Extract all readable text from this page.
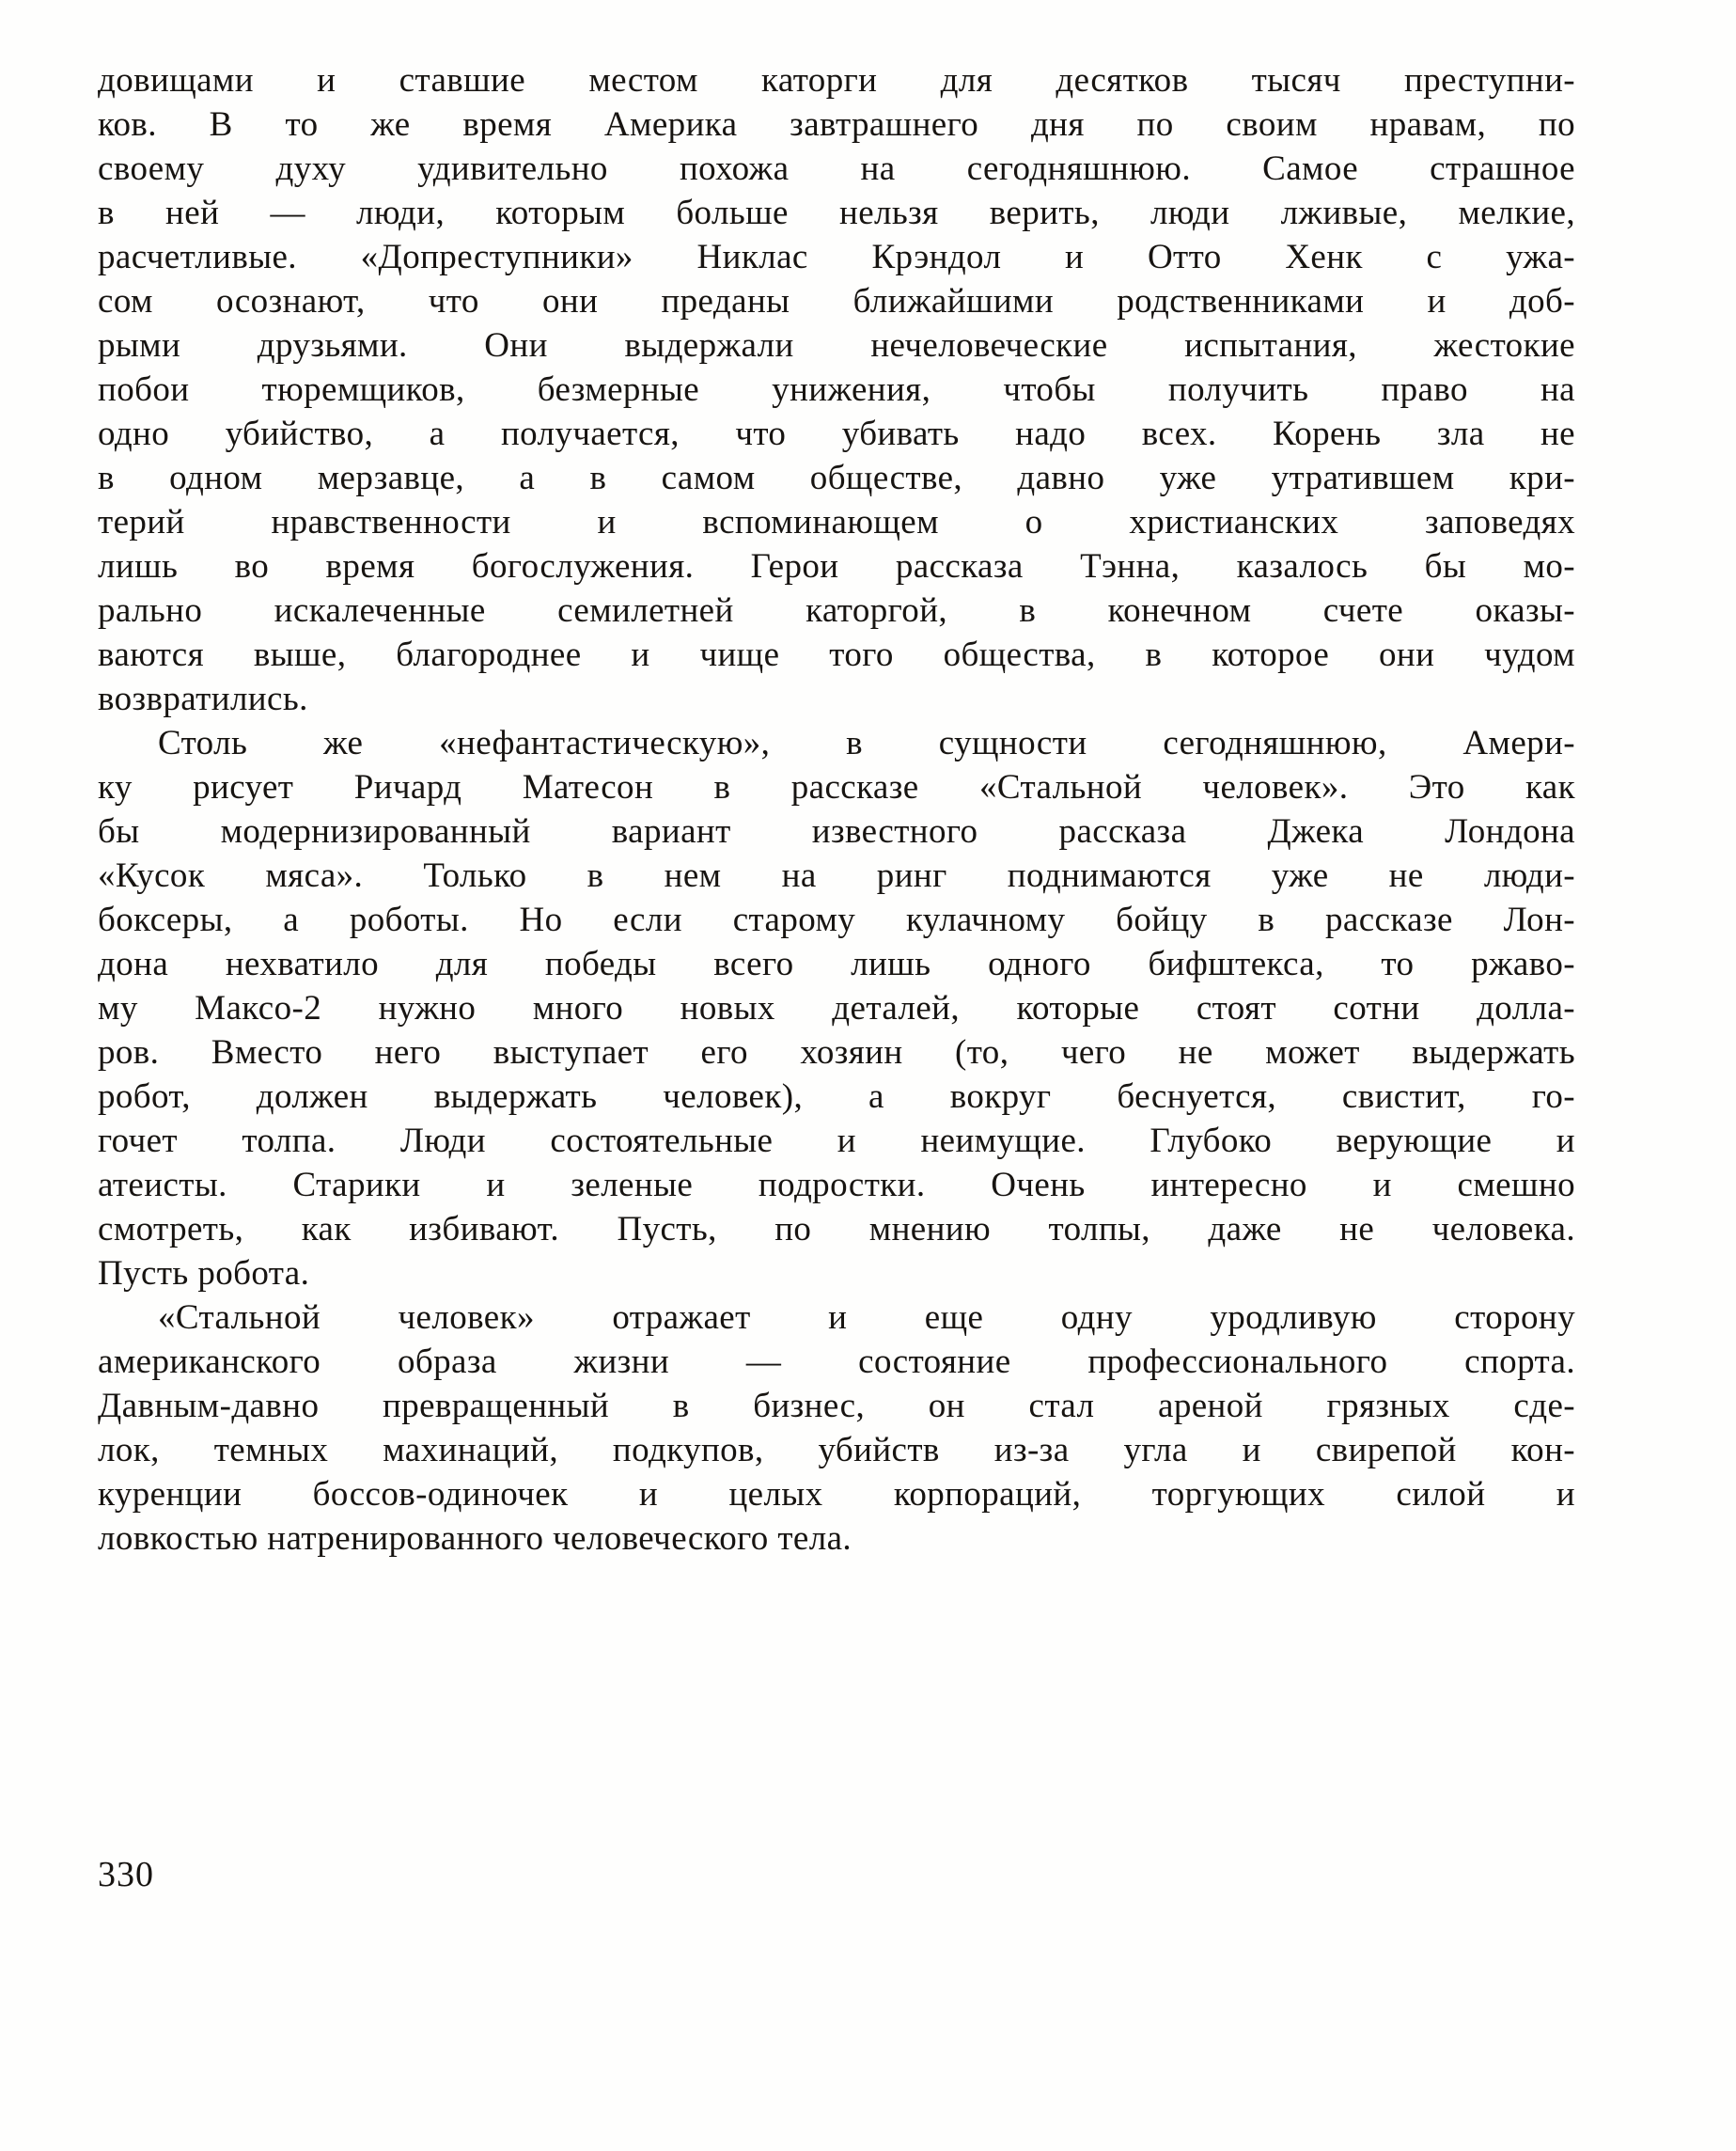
довищами и ставшие местом каторги для десятков тысяч преступни-
ков. В то же время Америка завтрашнего дня по своим нравам, по
своему духу удивительно похожа на сегодняшнюю. Самое страшное
в ней — люди, которым больше нельзя верить, люди лживые, мелкие,
расчетливые. «Допреступники» Никлас Крэндол и Отто Хенк с ужа-
сом осознают, что они преданы ближайшими родственниками и доб-
рыми друзьями. Они выдержали нечеловеческие испытания, жестокие
побои тюремщиков, безмерные унижения, чтобы получить право на
одно убийство, а получается, что убивать надо всех. Корень зла не
в одном мерзавце, а в самом обществе, давно уже утратившем кри-
терий нравственности и вспоминающем о христианских заповедях
лишь во время богослужения. Герои рассказа Тэнна, казалось бы мо-
рально искалеченные семилетней каторгой, в конечном счете оказы-
ваются выше, благороднее и чище того общества, в которое они чудом
возвратились.
Столь же «нефантастическую», в сущности сегодняшнюю, Амери-
ку рисует Ричард Матесон в рассказе «Стальной человек». Это как
бы модернизированный вариант известного рассказа Джека Лондона
«Кусок мяса». Только в нем на ринг поднимаются уже не люди-
боксеры, а роботы. Но если старому кулачному бойцу в рассказе Лон-
дона нехватило для победы всего лишь одного бифштекса, то ржаво-
му Максо-2 нужно много новых деталей, которые стоят сотни долла-
ров. Вместо него выступает его хозяин (то, чего не может выдержать
робот, должен выдержать человек), а вокруг беснуется, свистит, го-
гочет толпа. Люди состоятельные и неимущие. Глубоко верующие и
атеисты. Старики и зеленые подростки. Очень интересно и смешно
смотреть, как избивают. Пусть, по мнению толпы, даже не человека.
Пусть робота.
«Стальной человек» отражает и еще одну уродливую сторону
американского образа жизни — состояние профессионального спорта.
Давным-давно превращенный в бизнес, он стал ареной грязных сде-
лок, темных махинаций, подкупов, убийств из-за угла и свирепой кон-
куренции боссов-одиночек и целых корпораций, торгующих силой и
ловкостью натренированного человеческого тела.
330
